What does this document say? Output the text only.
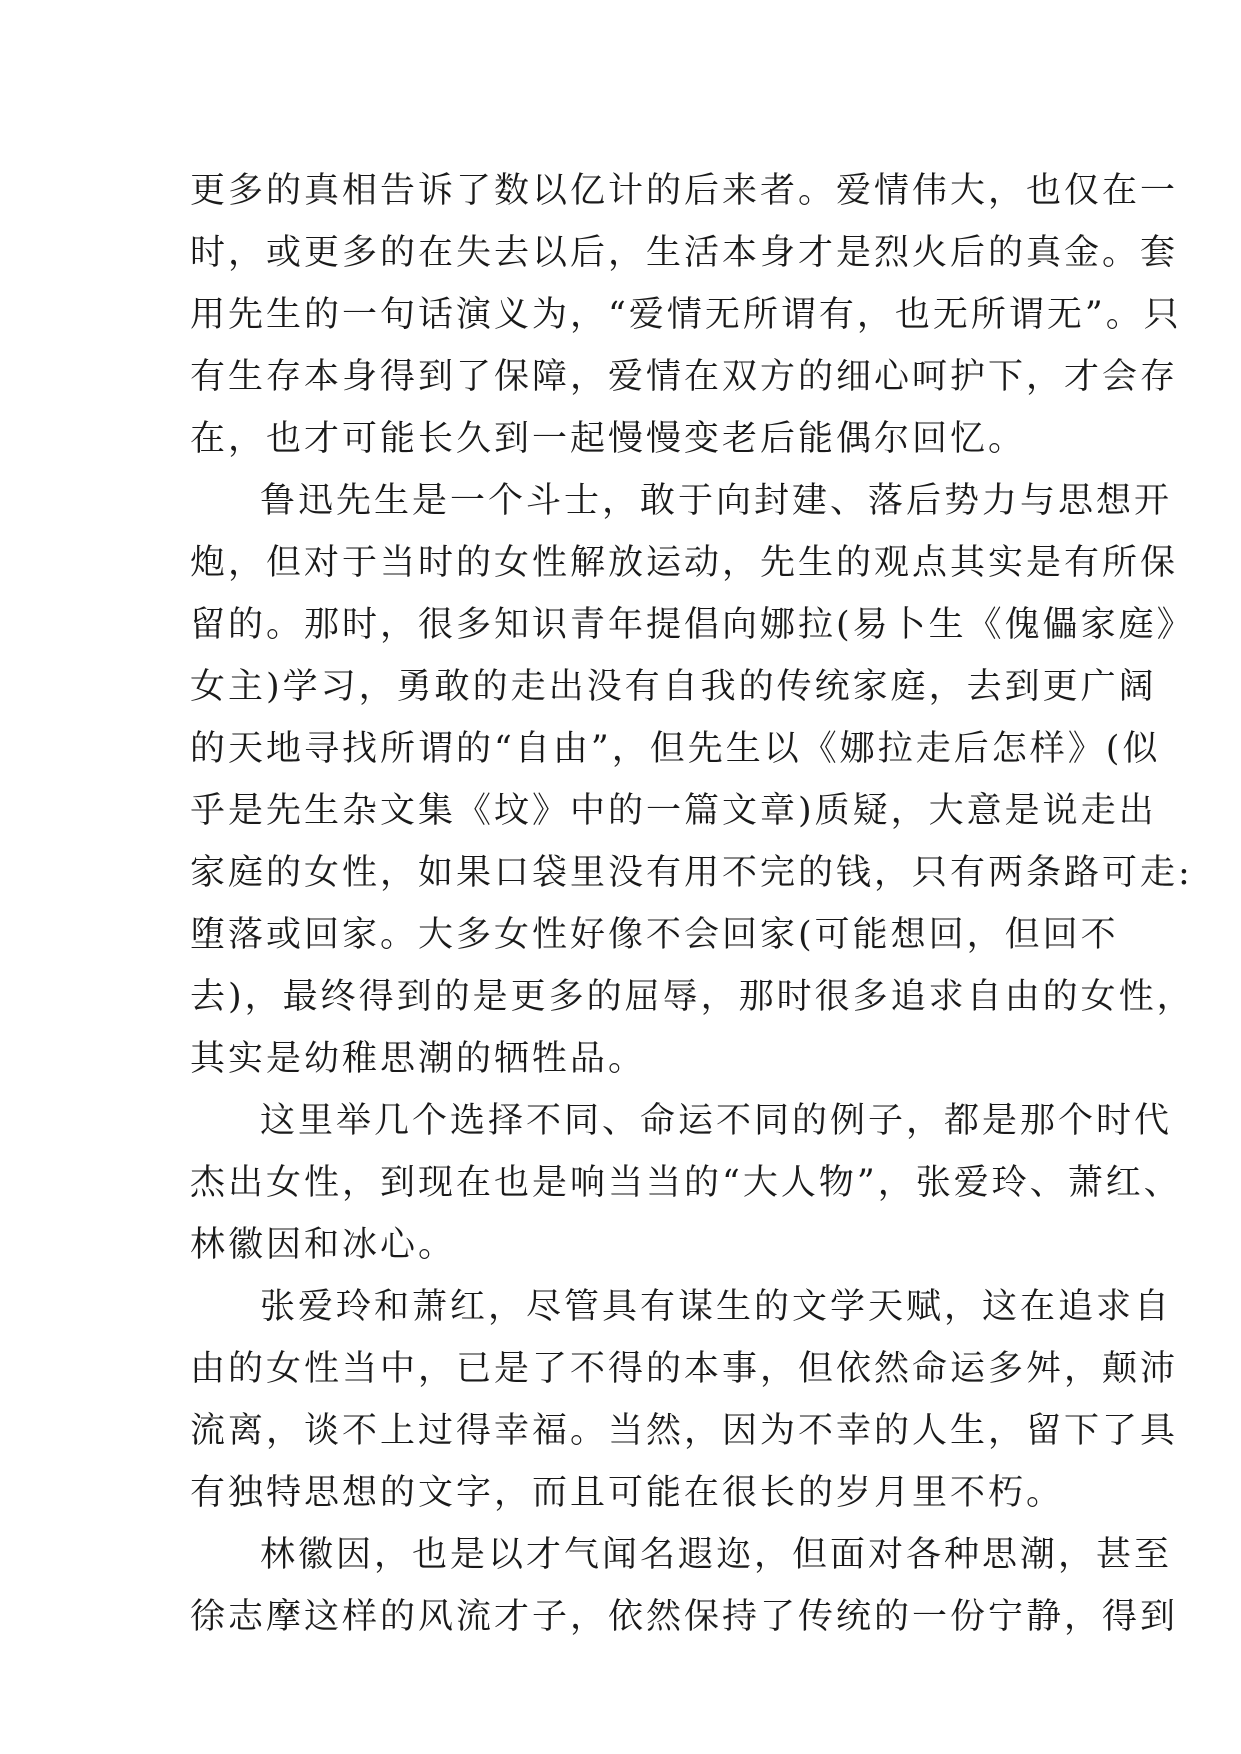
更多的真相告诉了数以亿计的后来者。爱情伟大，也仅在一
时，或更多的在失去以后，生活本身才是烈火后的真金。套
用先生的一句话演义为，“爱情无所谓有，也无所谓无”。只
有生存本身得到了保障，爱情在双方的细心呵护下，才会存
在，也才可能长久到一起慢慢变老后能偶尔回忆。
鲁迅先生是一个斗士，敢于向封建、落后势力与思想开
炮，但对于当时的女性解放运动，先生的观点其实是有所保
留的。那时，很多知识青年提倡向娜拉(易卜生《傀儡家庭》
女主)学习，勇敢的走出没有自我的传统家庭，去到更广阔
的天地寻找所谓的“自由”，但先生以《娜拉走后怎样》(似
乎是先生杂文集《坟》中的一篇文章)质疑，大意是说走出
家庭的女性，如果口袋里没有用不完的钱，只有两条路可走:
堕落或回家。大多女性好像不会回家(可能想回，但回不
去)，最终得到的是更多的屈辱，那时很多追求自由的女性，
其实是幼稚思潮的牺牲品。
这里举几个选择不同、命运不同的例子，都是那个时代
杰出女性，到现在也是响当当的“大人物”，张爱玲、萧红、
林徽因和冰心。
张爱玲和萧红，尽管具有谋生的文学天赋，这在追求自
由的女性当中，已是了不得的本事，但依然命运多舛，颠沛
流离，谈不上过得幸福。当然，因为不幸的人生，留下了具
有独特思想的文字，而且可能在很长的岁月里不朽。
林徽因，也是以才气闻名遐迩，但面对各种思潮，甚至
徐志摩这样的风流才子，依然保持了传统的一份宁静，得到
